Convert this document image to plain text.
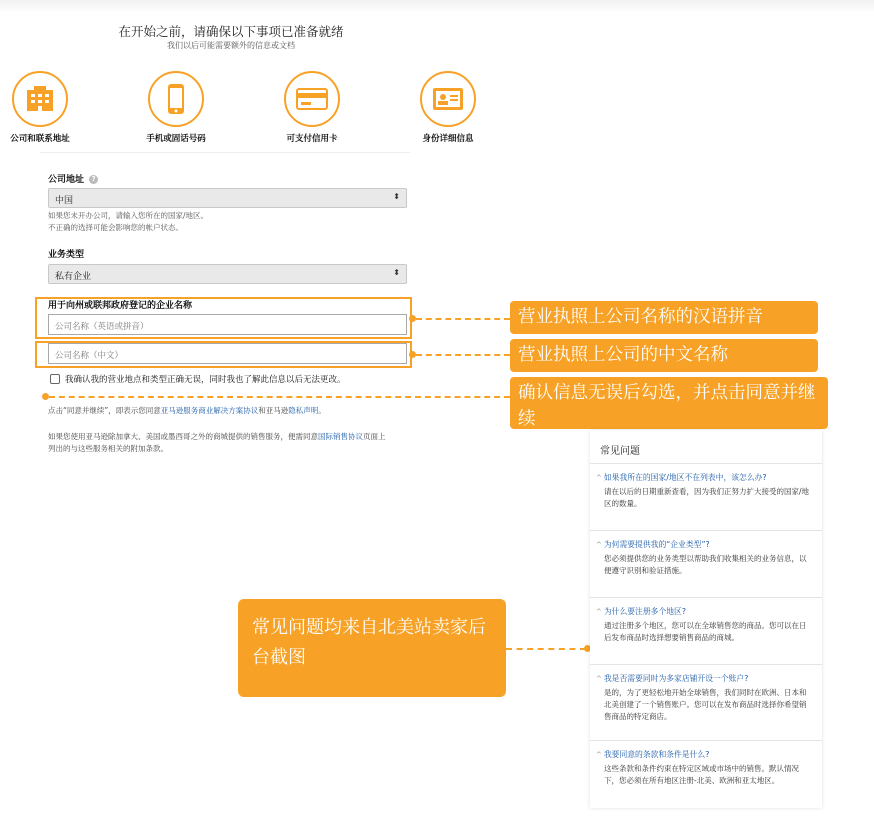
在开始之前，请确保以下事项已准备就绪
我们以后可能需要额外的信息或文档
公司和联系地址	手机或固话号码	可支付信用卡	身份详细信息
公司地址 ?
中国	⬍
如果您未开办公司，请输入您所在的国家/地区。
不正确的选择可能会影响您的帐户状态。
业务类型
私有企业	⬍
用于向州或联邦政府登记的企业名称
公司名称（英语或拼音）
公司名称（中文）
我确认我的营业地点和类型正确无误，同时我也了解此信息以后无法更改。
点击“同意并继续”，即表示您同意亚马逊服务商业解决方案协议和亚马逊隐私声明。
如果您使用亚马逊除加拿大、美国或墨西哥之外的商城提供的销售服务，便需同意国际销售协议页面上
列出的与这些服务相关的附加条款。
营业执照上公司名称的汉语拼音
营业执照上公司的中文名称
确认信息无误后勾选，并点击同意并继续
常见问题均来自北美站卖家后台截图
常见问题
^ 如果我所在的国家/地区不在列表中，该怎么办?
请在以后的日期重新查看，因为我们正努力扩大接受的国家/地区的数量。
^ 为何需要提供我的“企业类型”?
您必须提供您的业务类型以帮助我们收集相关的业务信息，以便遵守识别和验证措施。
^ 为什么要注册多个地区?
通过注册多个地区，您可以在全球销售您的商品。您可以在日后发布商品时选择想要销售商品的商城。
^ 我是否需要同时为多家店铺开设一个账户?
是的，为了更轻松地开始全球销售，我们同时在欧洲、日本和北美创建了一个销售账户。您可以在发布商品时选择你希望销售商品的特定商店。
^ 我要同意的条款和条件是什么?
这些条款和条件约束在特定区域或市场中的销售。默认情况下，您必须在所有地区注册-北美、欧洲和亚太地区。
